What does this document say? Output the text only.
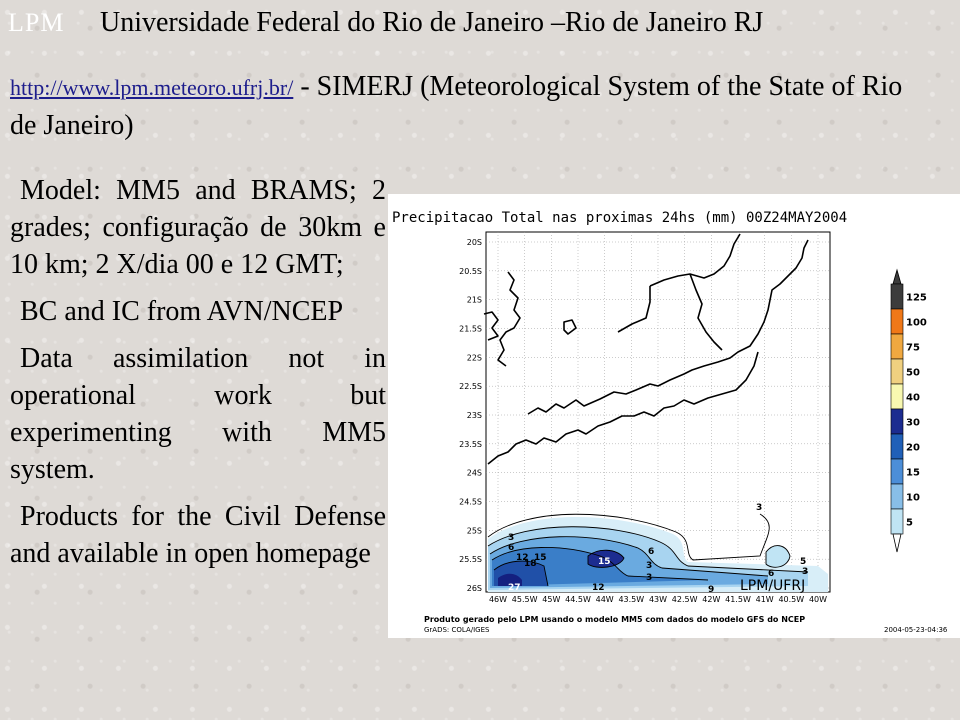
LPM Universidade Federal do Rio de Janeiro –Rio de Janeiro RJ
http://www.lpm.meteoro.ufrj.br/ - SIMERJ (Meteorological System of the State of Rio de Janeiro)

Model: MM5 and BRAMS; 2 grades; configuração de 30km e 10 km; 2 X/dia 00 e 12 GMT;

BC and IC from AVN/NCEP

Data assimilation not in operational work but experimenting with MM5 system.

Products for the Civil Defense and available in open homepage

Precipitacao Total nas proximas 24hs (mm) 00Z24MAY2004
3
6
12 15
18
27
15
6
3
12
3
9
6
3
3
5
LPM/UFRJ
20S
20.5S
21S
21.5S
22S
22.5S
23S
23.5S
24S
24.5S
25S
25.5S
26S
46W 45.5W 45W 44.5W 44W 43.5W 43W 42.5W 42W 41.5W 41W 40.5W 40W
125
100
75
50
40
30
20
15
10
5
Produto gerado pelo LPM usando o modelo MM5 com dados do modelo GFS do NCEP
GrADS: COLA/IGES	2004-05-23-04:36
